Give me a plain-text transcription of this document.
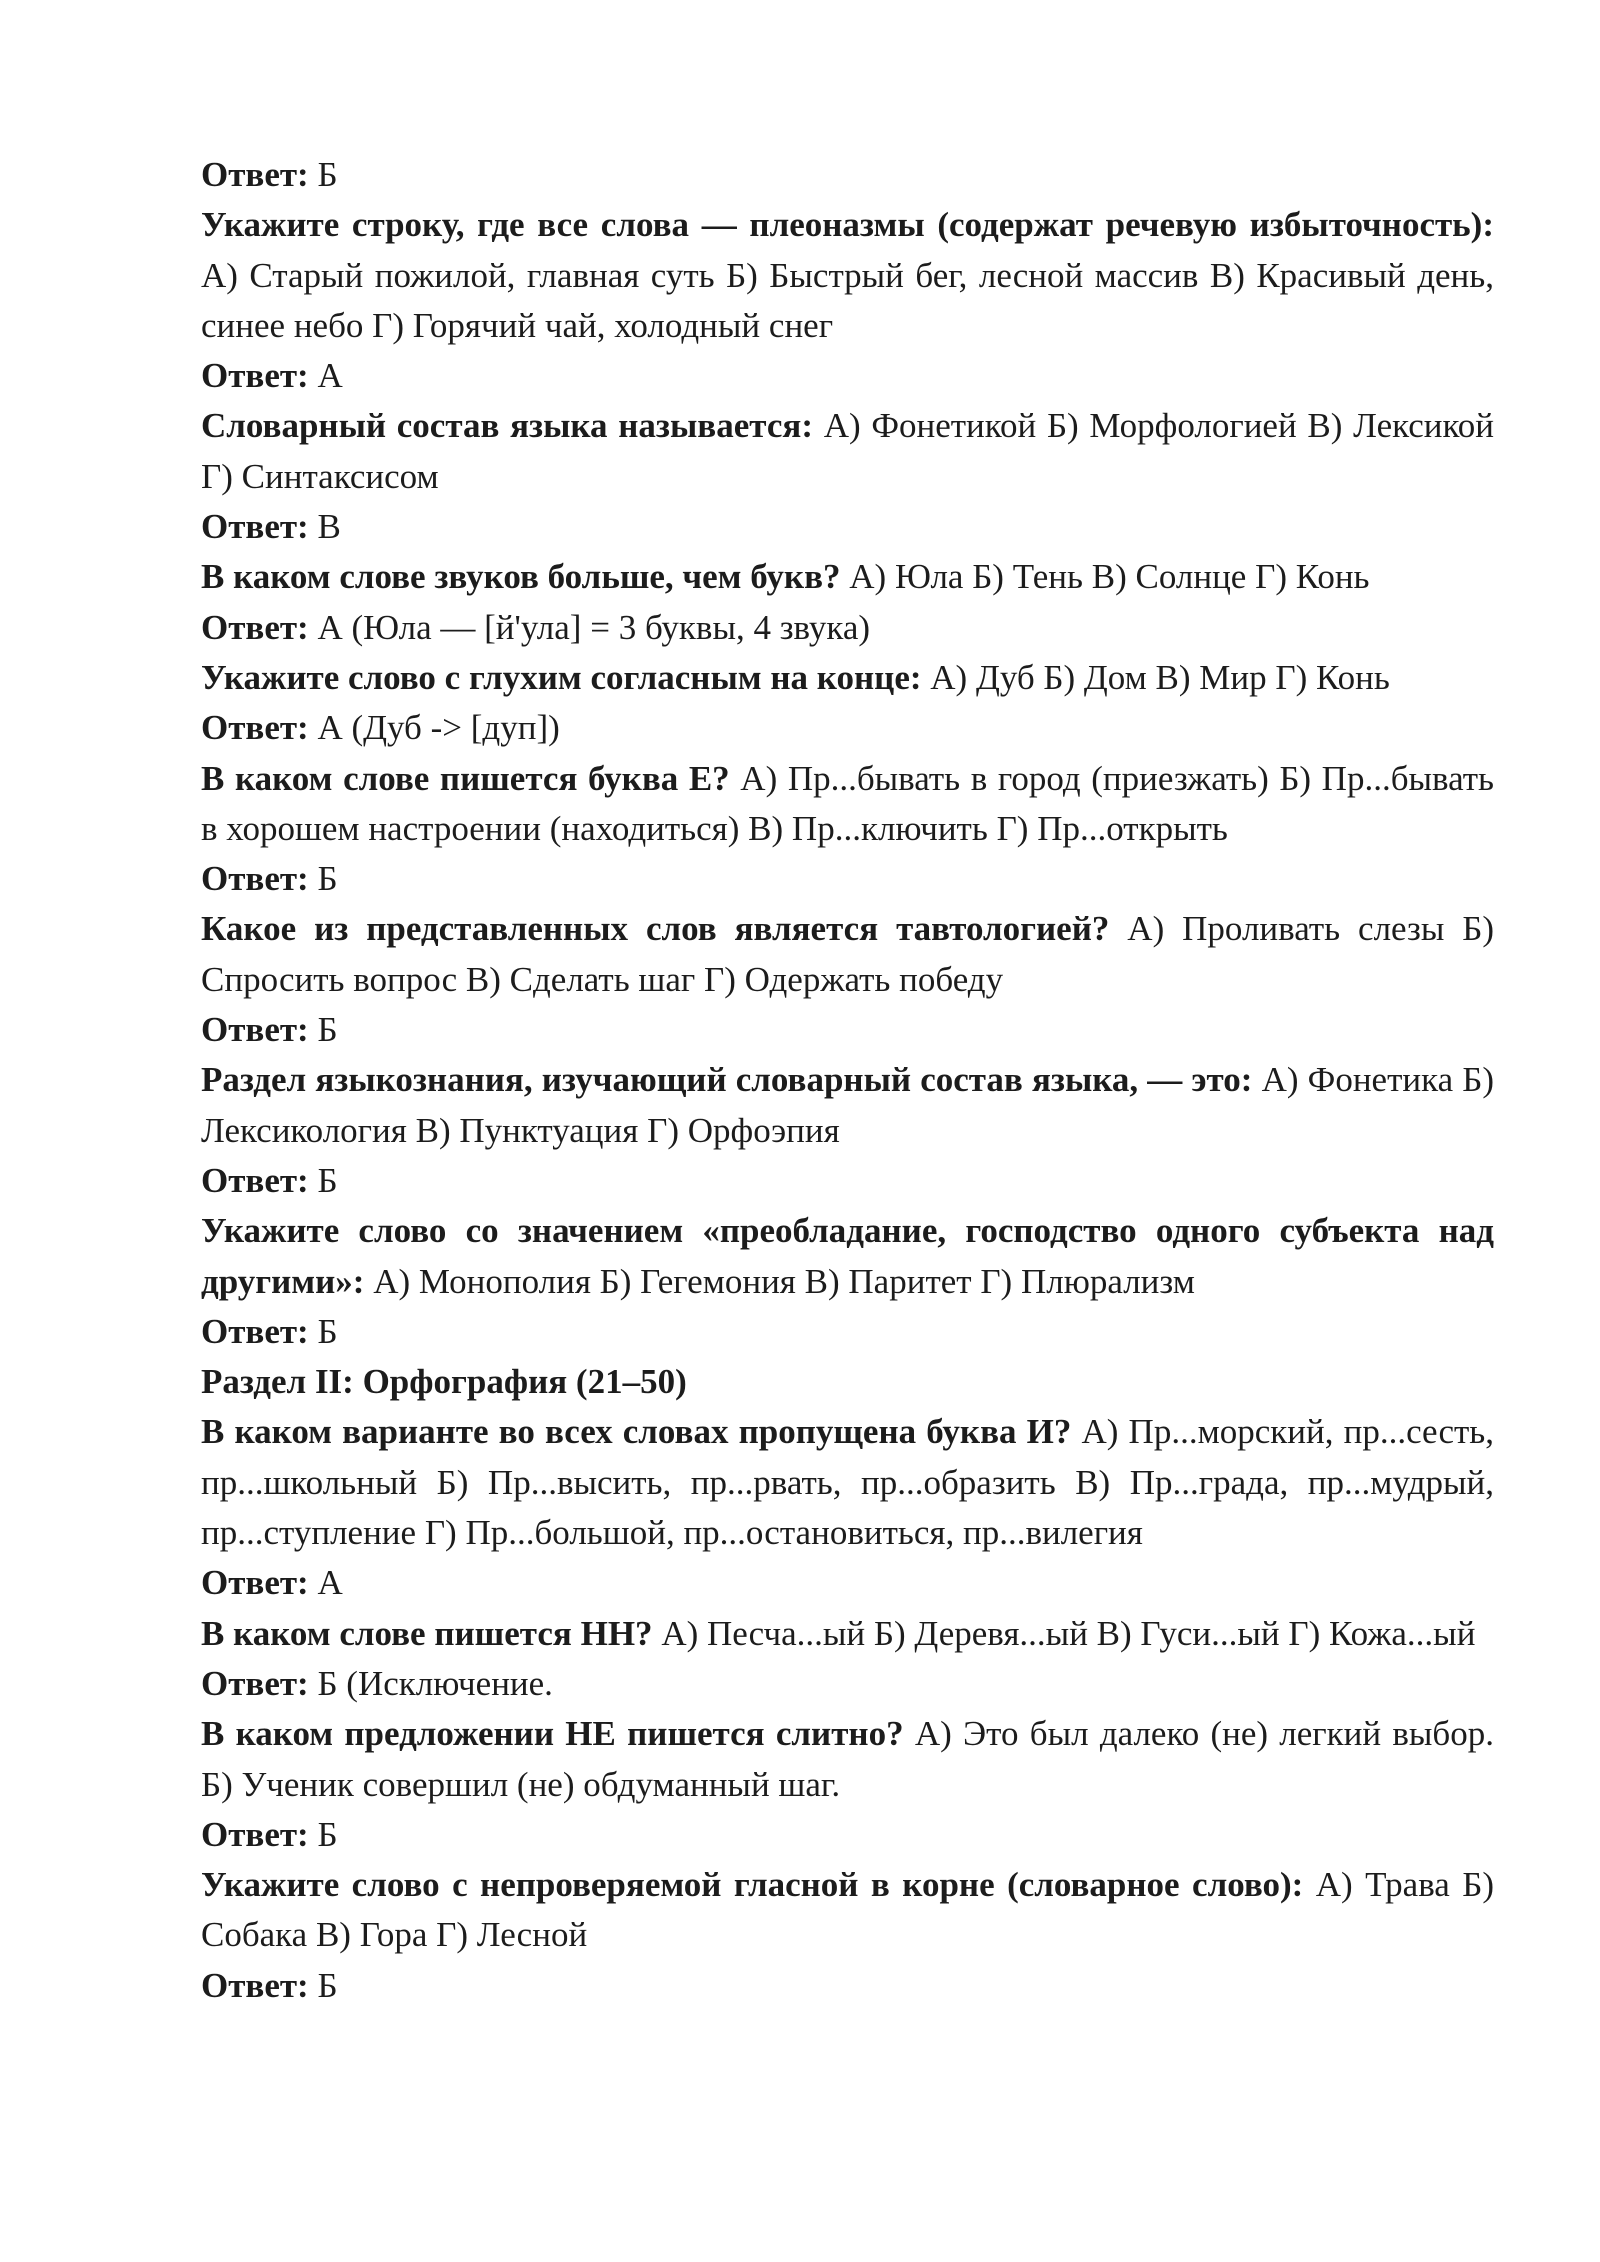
Ответ: Б

Укажите строку, где все слова — плеоназмы (содержат речевую избыточность): А) Старый пожилой, главная суть Б) Быстрый бег, лесной массив В) Красивый день, синее небо Г) Горячий чай, холодный снег

Ответ: А

Словарный состав языка называется: А) Фонетикой Б) Морфологией В) Лексикой Г) Синтаксисом

Ответ: В

В каком слове звуков больше, чем букв? А) Юла Б) Тень В) Солнце Г) Конь

Ответ: А (Юла — [й'ула] = 3 буквы, 4 звука)

Укажите слово с глухим согласным на конце: А) Дуб Б) Дом В) Мир Г) Конь

Ответ: А (Дуб -> [дуп])

В каком слове пишется буква Е? А) Пр...бывать в город (приезжать) Б) Пр...бывать в хорошем настроении (находиться) В) Пр...ключить Г) Пр...открыть

Ответ: Б

Какое из представленных слов является тавтологией? А) Проливать слезы Б) Спросить вопрос В) Сделать шаг Г) Одержать победу

Ответ: Б

Раздел языкознания, изучающий словарный состав языка, — это: А) Фонетика Б) Лексикология В) Пунктуация Г) Орфоэпия

Ответ: Б

Укажите слово со значением «преобладание, господство одного субъекта над другими»: А) Монополия Б) Гегемония В) Паритет Г) Плюрализм

Ответ: Б

Раздел II: Орфография (21–50)

В каком варианте во всех словах пропущена буква И? А) Пр...морский, пр...сесть, пр...школьный Б) Пр...высить, пр...рвать, пр...образить В) Пр...града, пр...мудрый, пр...ступление Г) Пр...большой, пр...остановиться, пр...вилегия

Ответ: А

В каком слове пишется НН? А) Песча...ый Б) Деревя...ый В) Гуси...ый Г) Кожа...ый

Ответ: Б (Исключение.

В каком предложении НЕ пишется слитно? А) Это был далеко (не) легкий выбор. Б) Ученик совершил (не) обдуманный шаг.

Ответ: Б

Укажите слово с непроверяемой гласной в корне (словарное слово): А) Трава Б) Собака В) Гора Г) Лесной

Ответ: Б
